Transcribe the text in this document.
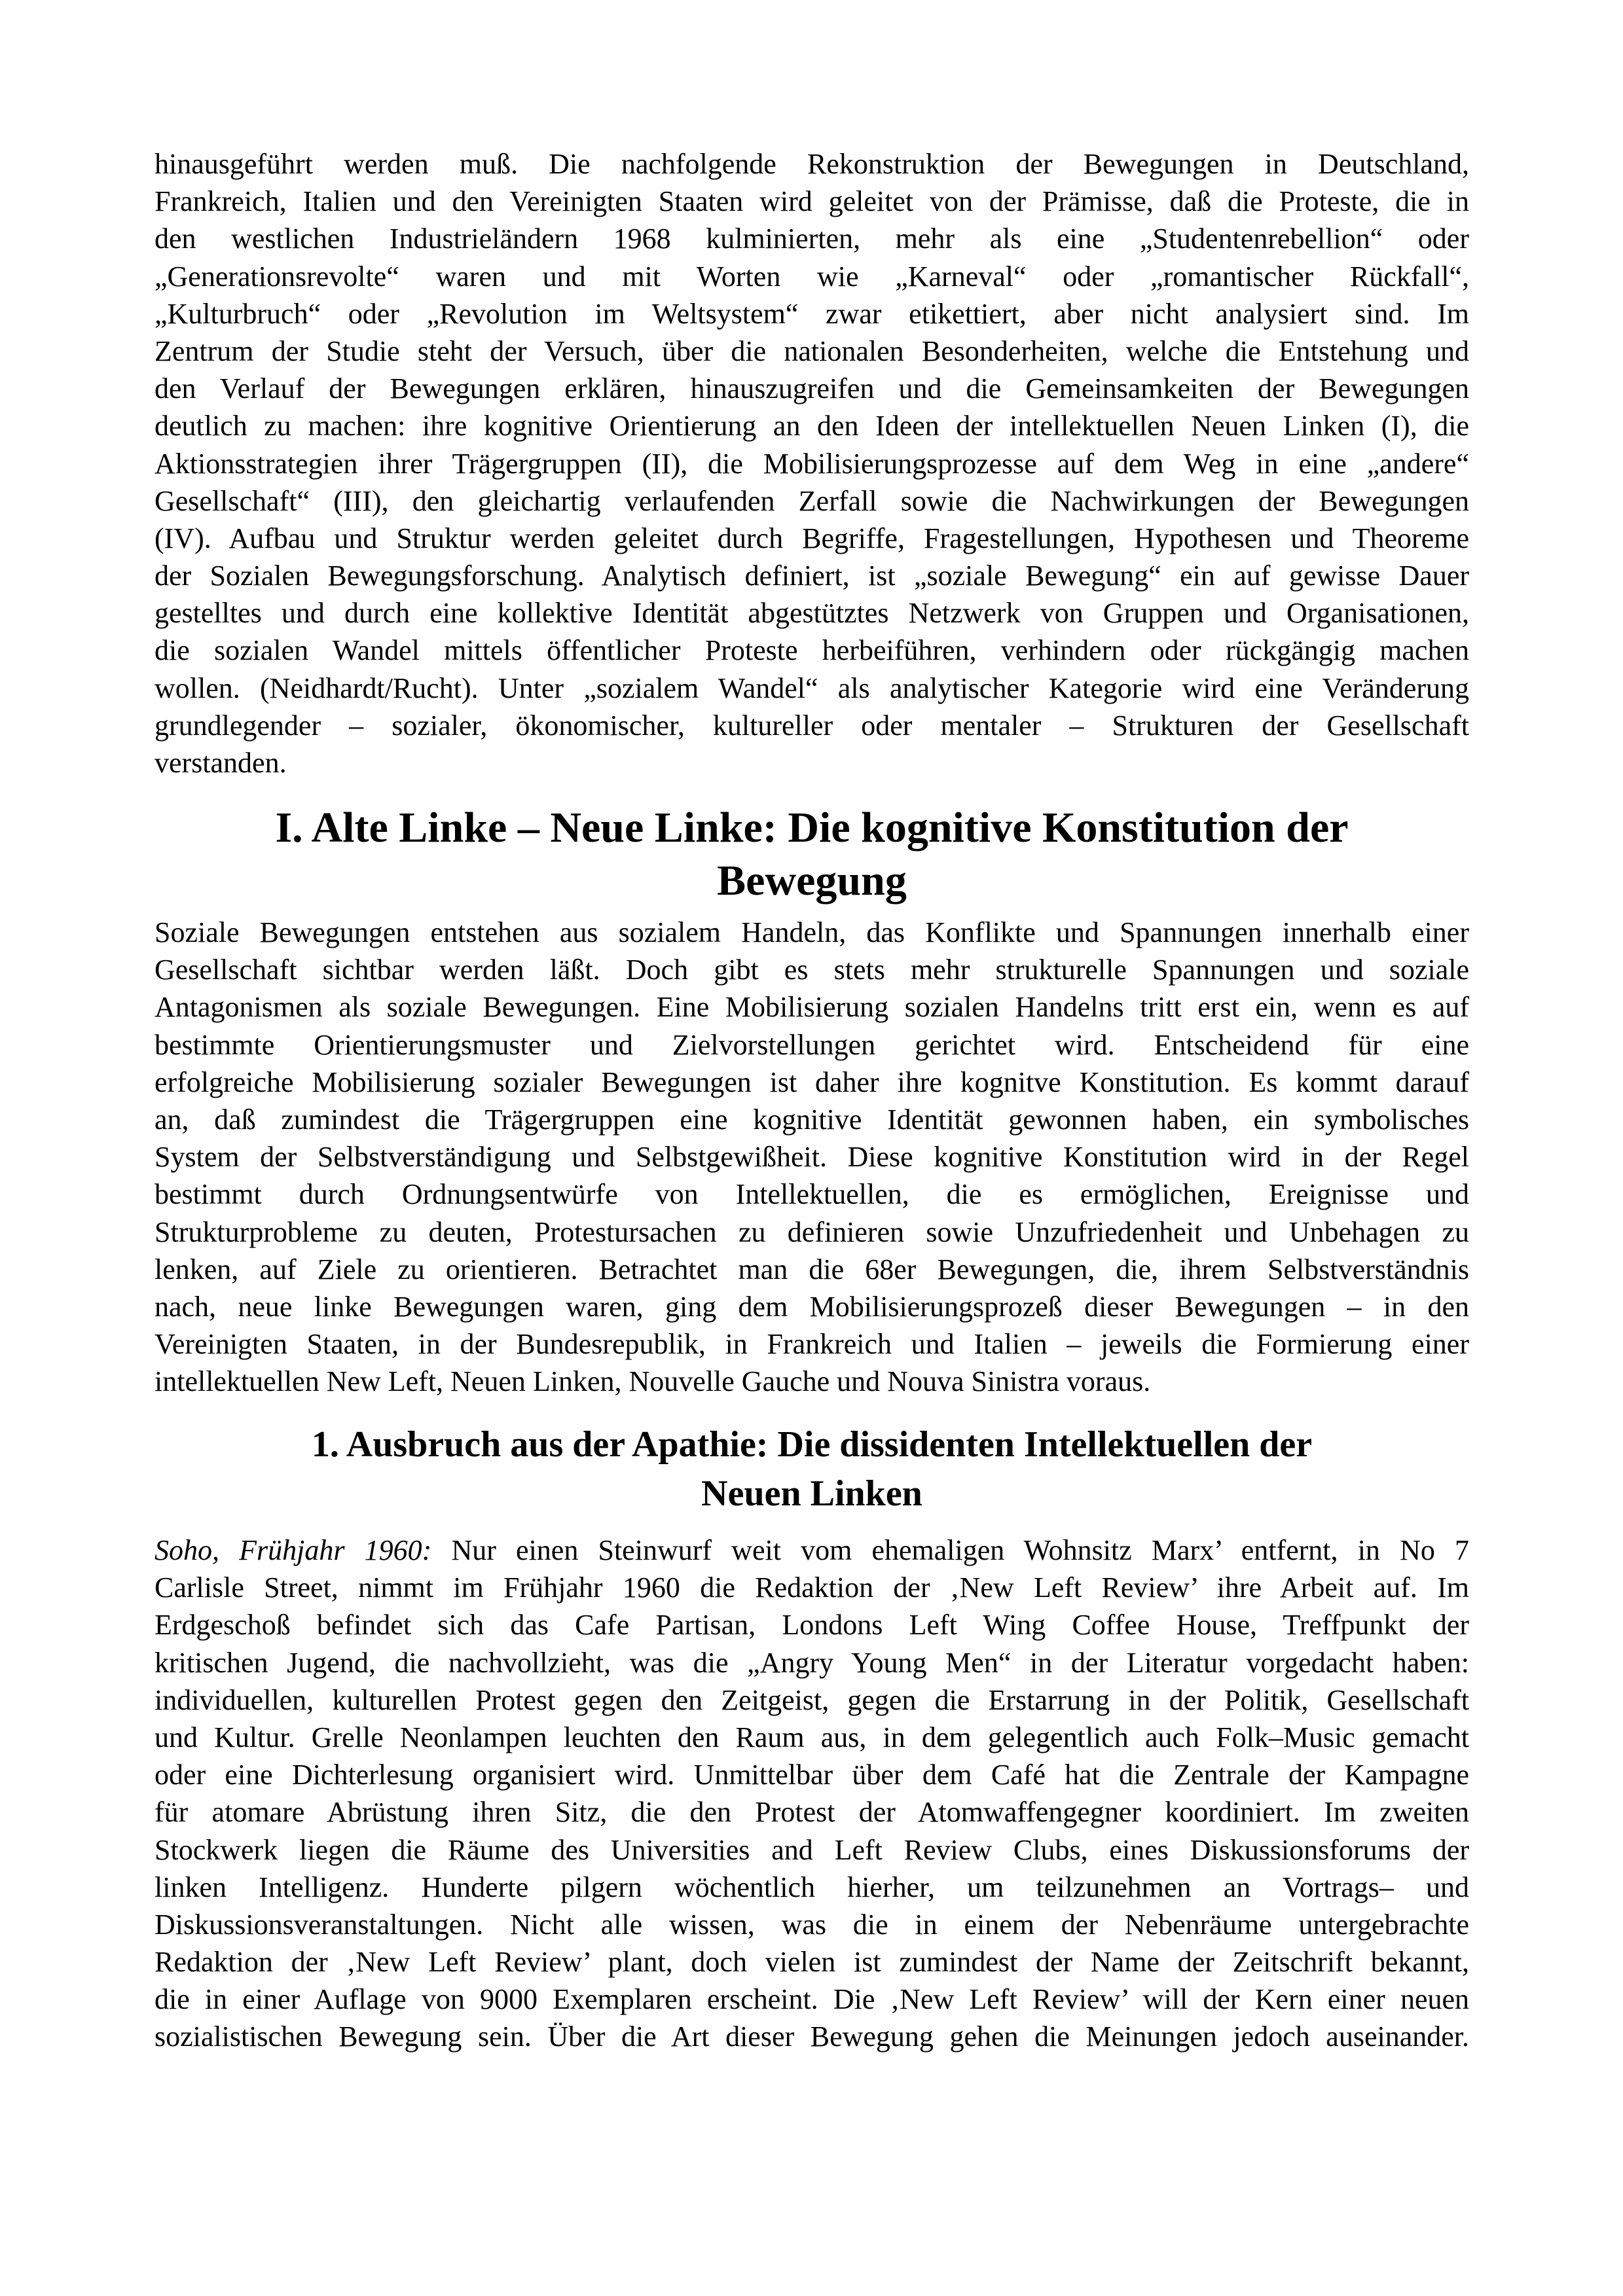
hinausgeführt werden muß. Die nachfolgende Rekonstruktion der Bewegungen in Deutschland,
Frankreich, Italien und den Vereinigten Staaten wird geleitet von der Prämisse, daß die Proteste, die in
den westlichen Industrieländern 1968 kulminierten, mehr als eine „Studentenrebellion“ oder
„Generationsrevolte“ waren und mit Worten wie „Karneval“ oder „romantischer Rückfall“,
„Kulturbruch“ oder „Revolution im Weltsystem“ zwar etikettiert, aber nicht analysiert sind. Im
Zentrum der Studie steht der Versuch, über die nationalen Besonderheiten, welche die Entstehung und
den Verlauf der Bewegungen erklären, hinauszugreifen und die Gemeinsamkeiten der Bewegungen
deutlich zu machen: ihre kognitive Orientierung an den Ideen der intellektuellen Neuen Linken (I), die
Aktionsstrategien ihrer Trägergruppen (II), die Mobilisierungsprozesse auf dem Weg in eine „andere“
Gesellschaft“ (III), den gleichartig verlaufenden Zerfall sowie die Nachwirkungen der Bewegungen
(IV). Aufbau und Struktur werden geleitet durch Begriffe, Fragestellungen, Hypothesen und Theoreme
der Sozialen Bewegungsforschung. Analytisch definiert, ist „soziale Bewegung“ ein auf gewisse Dauer
gestelltes und durch eine kollektive Identität abgestütztes Netzwerk von Gruppen und Organisationen,
die sozialen Wandel mittels öffentlicher Proteste herbeiführen, verhindern oder rückgängig machen
wollen. (Neidhardt/Rucht). Unter „sozialem Wandel“ als analytischer Kategorie wird eine Veränderung
grundlegender – sozialer, ökonomischer, kultureller oder mentaler – Strukturen der Gesellschaft
verstanden.
I. Alte Linke – Neue Linke: Die kognitive Konstitution der
Bewegung
Soziale Bewegungen entstehen aus sozialem Handeln, das Konflikte und Spannungen innerhalb einer
Gesellschaft sichtbar werden läßt. Doch gibt es stets mehr strukturelle Spannungen und soziale
Antagonismen als soziale Bewegungen. Eine Mobilisierung sozialen Handelns tritt erst ein, wenn es auf
bestimmte Orientierungsmuster und Zielvorstellungen gerichtet wird. Entscheidend für eine
erfolgreiche Mobilisierung sozialer Bewegungen ist daher ihre kognitve Konstitution. Es kommt darauf
an, daß zumindest die Trägergruppen eine kognitive Identität gewonnen haben, ein symbolisches
System der Selbstverständigung und Selbstgewißheit. Diese kognitive Konstitution wird in der Regel
bestimmt durch Ordnungsentwürfe von Intellektuellen, die es ermöglichen, Ereignisse und
Strukturprobleme zu deuten, Protestursachen zu definieren sowie Unzufriedenheit und Unbehagen zu
lenken, auf Ziele zu orientieren. Betrachtet man die 68er Bewegungen, die, ihrem Selbstverständnis
nach, neue linke Bewegungen waren, ging dem Mobilisierungsprozeß dieser Bewegungen – in den
Vereinigten Staaten, in der Bundesrepublik, in Frankreich und Italien – jeweils die Formierung einer
intellektuellen New Left, Neuen Linken, Nouvelle Gauche und Nouva Sinistra voraus.
1. Ausbruch aus der Apathie: Die dissidenten Intellektuellen der
Neuen Linken
Soho, Frühjahr 1960: Nur einen Steinwurf weit vom ehemaligen Wohnsitz Marx’ entfernt, in No 7
Carlisle Street, nimmt im Frühjahr 1960 die Redaktion der ‚New Left Review’ ihre Arbeit auf. Im
Erdgeschoß befindet sich das Cafe Partisan, Londons Left Wing Coffee House, Treffpunkt der
kritischen Jugend, die nachvollzieht, was die „Angry Young Men“ in der Literatur vorgedacht haben:
individuellen, kulturellen Protest gegen den Zeitgeist, gegen die Erstarrung in der Politik, Gesellschaft
und Kultur. Grelle Neonlampen leuchten den Raum aus, in dem gelegentlich auch Folk–Music gemacht
oder eine Dichterlesung organisiert wird. Unmittelbar über dem Café hat die Zentrale der Kampagne
für atomare Abrüstung ihren Sitz, die den Protest der Atomwaffengegner koordiniert. Im zweiten
Stockwerk liegen die Räume des Universities and Left Review Clubs, eines Diskussionsforums der
linken Intelligenz. Hunderte pilgern wöchentlich hierher, um teilzunehmen an Vortrags– und
Diskussionsveranstaltungen. Nicht alle wissen, was die in einem der Nebenräume untergebrachte
Redaktion der ‚New Left Review’ plant, doch vielen ist zumindest der Name der Zeitschrift bekannt,
die in einer Auflage von 9000 Exemplaren erscheint. Die ‚New Left Review’ will der Kern einer neuen
sozialistischen Bewegung sein. Über die Art dieser Bewegung gehen die Meinungen jedoch auseinander.
